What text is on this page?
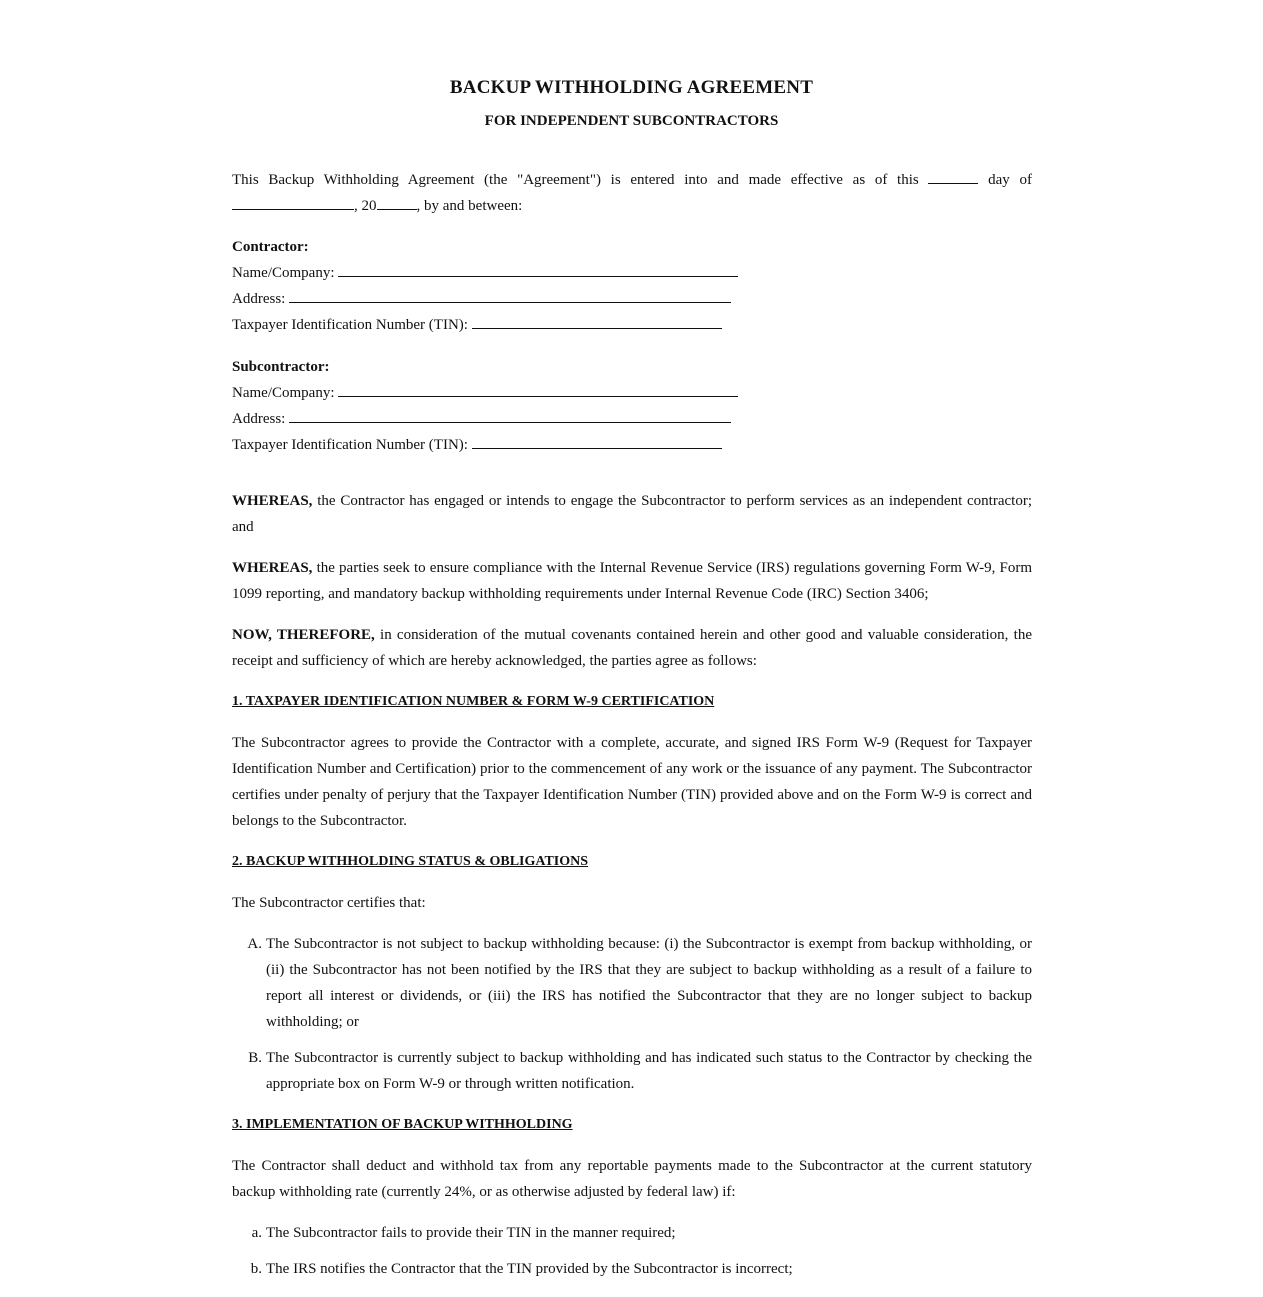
BACKUP WITHHOLDING AGREEMENT
FOR INDEPENDENT SUBCONTRACTORS

This Backup Withholding Agreement (the "Agreement") is entered into and made effective as of this	day of , 20	, by and between:

Contractor:
Name/Company:
Address:
Taxpayer Identification Number (TIN):
Subcontractor:
Name/Company:
Address:
Taxpayer Identification Number (TIN):

WHEREAS, the Contractor has engaged or intends to engage the Subcontractor to perform services as an independent contractor; and

WHEREAS, the parties seek to ensure compliance with the Internal Revenue Service (IRS) regulations governing Form W-9, Form 1099 reporting, and mandatory backup withholding requirements under Internal Revenue Code (IRC) Section 3406;

NOW, THEREFORE, in consideration of the mutual covenants contained herein and other good and valuable consideration, the receipt and sufficiency of which are hereby acknowledged, the parties agree as follows:

1. TAXPAYER IDENTIFICATION NUMBER & FORM W-9 CERTIFICATION

The Subcontractor agrees to provide the Contractor with a complete, accurate, and signed IRS Form W-9 (Request for Taxpayer Identification Number and Certification) prior to the commencement of any work or the issuance of any payment. The Subcontractor certifies under penalty of perjury that the Taxpayer Identification Number (TIN) provided above and on the Form W-9 is correct and belongs to the Subcontractor.

2. BACKUP WITHHOLDING STATUS & OBLIGATIONS

The Subcontractor certifies that:

A. The Subcontractor is not subject to backup withholding because: (i) the Subcontractor is exempt from backup withholding, or (ii) the Subcontractor has not been notified by the IRS that they are subject to backup withholding as a result of a failure to report all interest or dividends, or (iii) the IRS has notified the Subcontractor that they are no longer subject to backup withholding; or
B. The Subcontractor is currently subject to backup withholding and has indicated such status to the Contractor by checking the appropriate box on Form W-9 or through written notification.
3. IMPLEMENTATION OF BACKUP WITHHOLDING

The Contractor shall deduct and withhold tax from any reportable payments made to the Subcontractor at the current statutory backup withholding rate (currently 24%, or as otherwise adjusted by federal law) if:

a. The Subcontractor fails to provide their TIN in the manner required;
b. The IRS notifies the Contractor that the TIN provided by the Subcontractor is incorrect;
